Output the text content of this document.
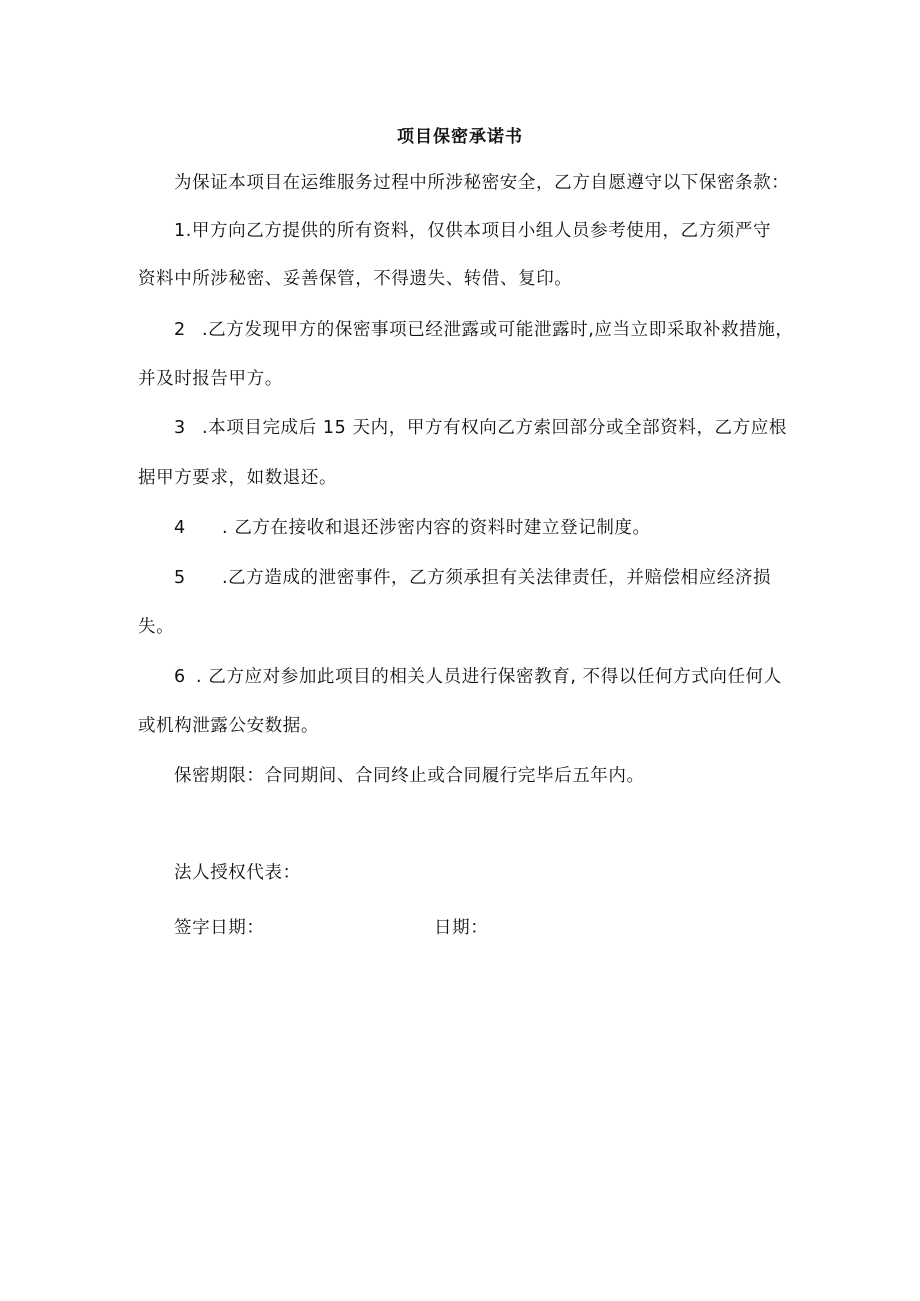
项目保密承诺书
为保证本项目在运维服务过程中所涉秘密安全，乙方自愿遵守以下保密条款：
1.甲方向乙方提供的所有资料，仅供本项目小组人员参考使用，乙方须严守
资料中所涉秘密、妥善保管，不得遗失、转借、复印。
2 .乙方发现甲方的保密事项已经泄露或可能泄露时,应当立即采取补救措施，
并及时报告甲方。
3 .本项目完成后 15 天内，甲方有权向乙方索回部分或全部资料，乙方应根
据甲方要求，如数退还。
4 . 乙方在接收和退还涉密内容的资料时建立登记制度。
5 .乙方造成的泄密事件，乙方须承担有关法律责任，并赔偿相应经济损
失。
6 . 乙方应对参加此项目的相关人员进行保密教育, 不得以任何方式向任何人
或机构泄露公安数据。
保密期限：合同期间、合同终止或合同履行完毕后五年内。
法人授权代表：
签字日期：	日期：
